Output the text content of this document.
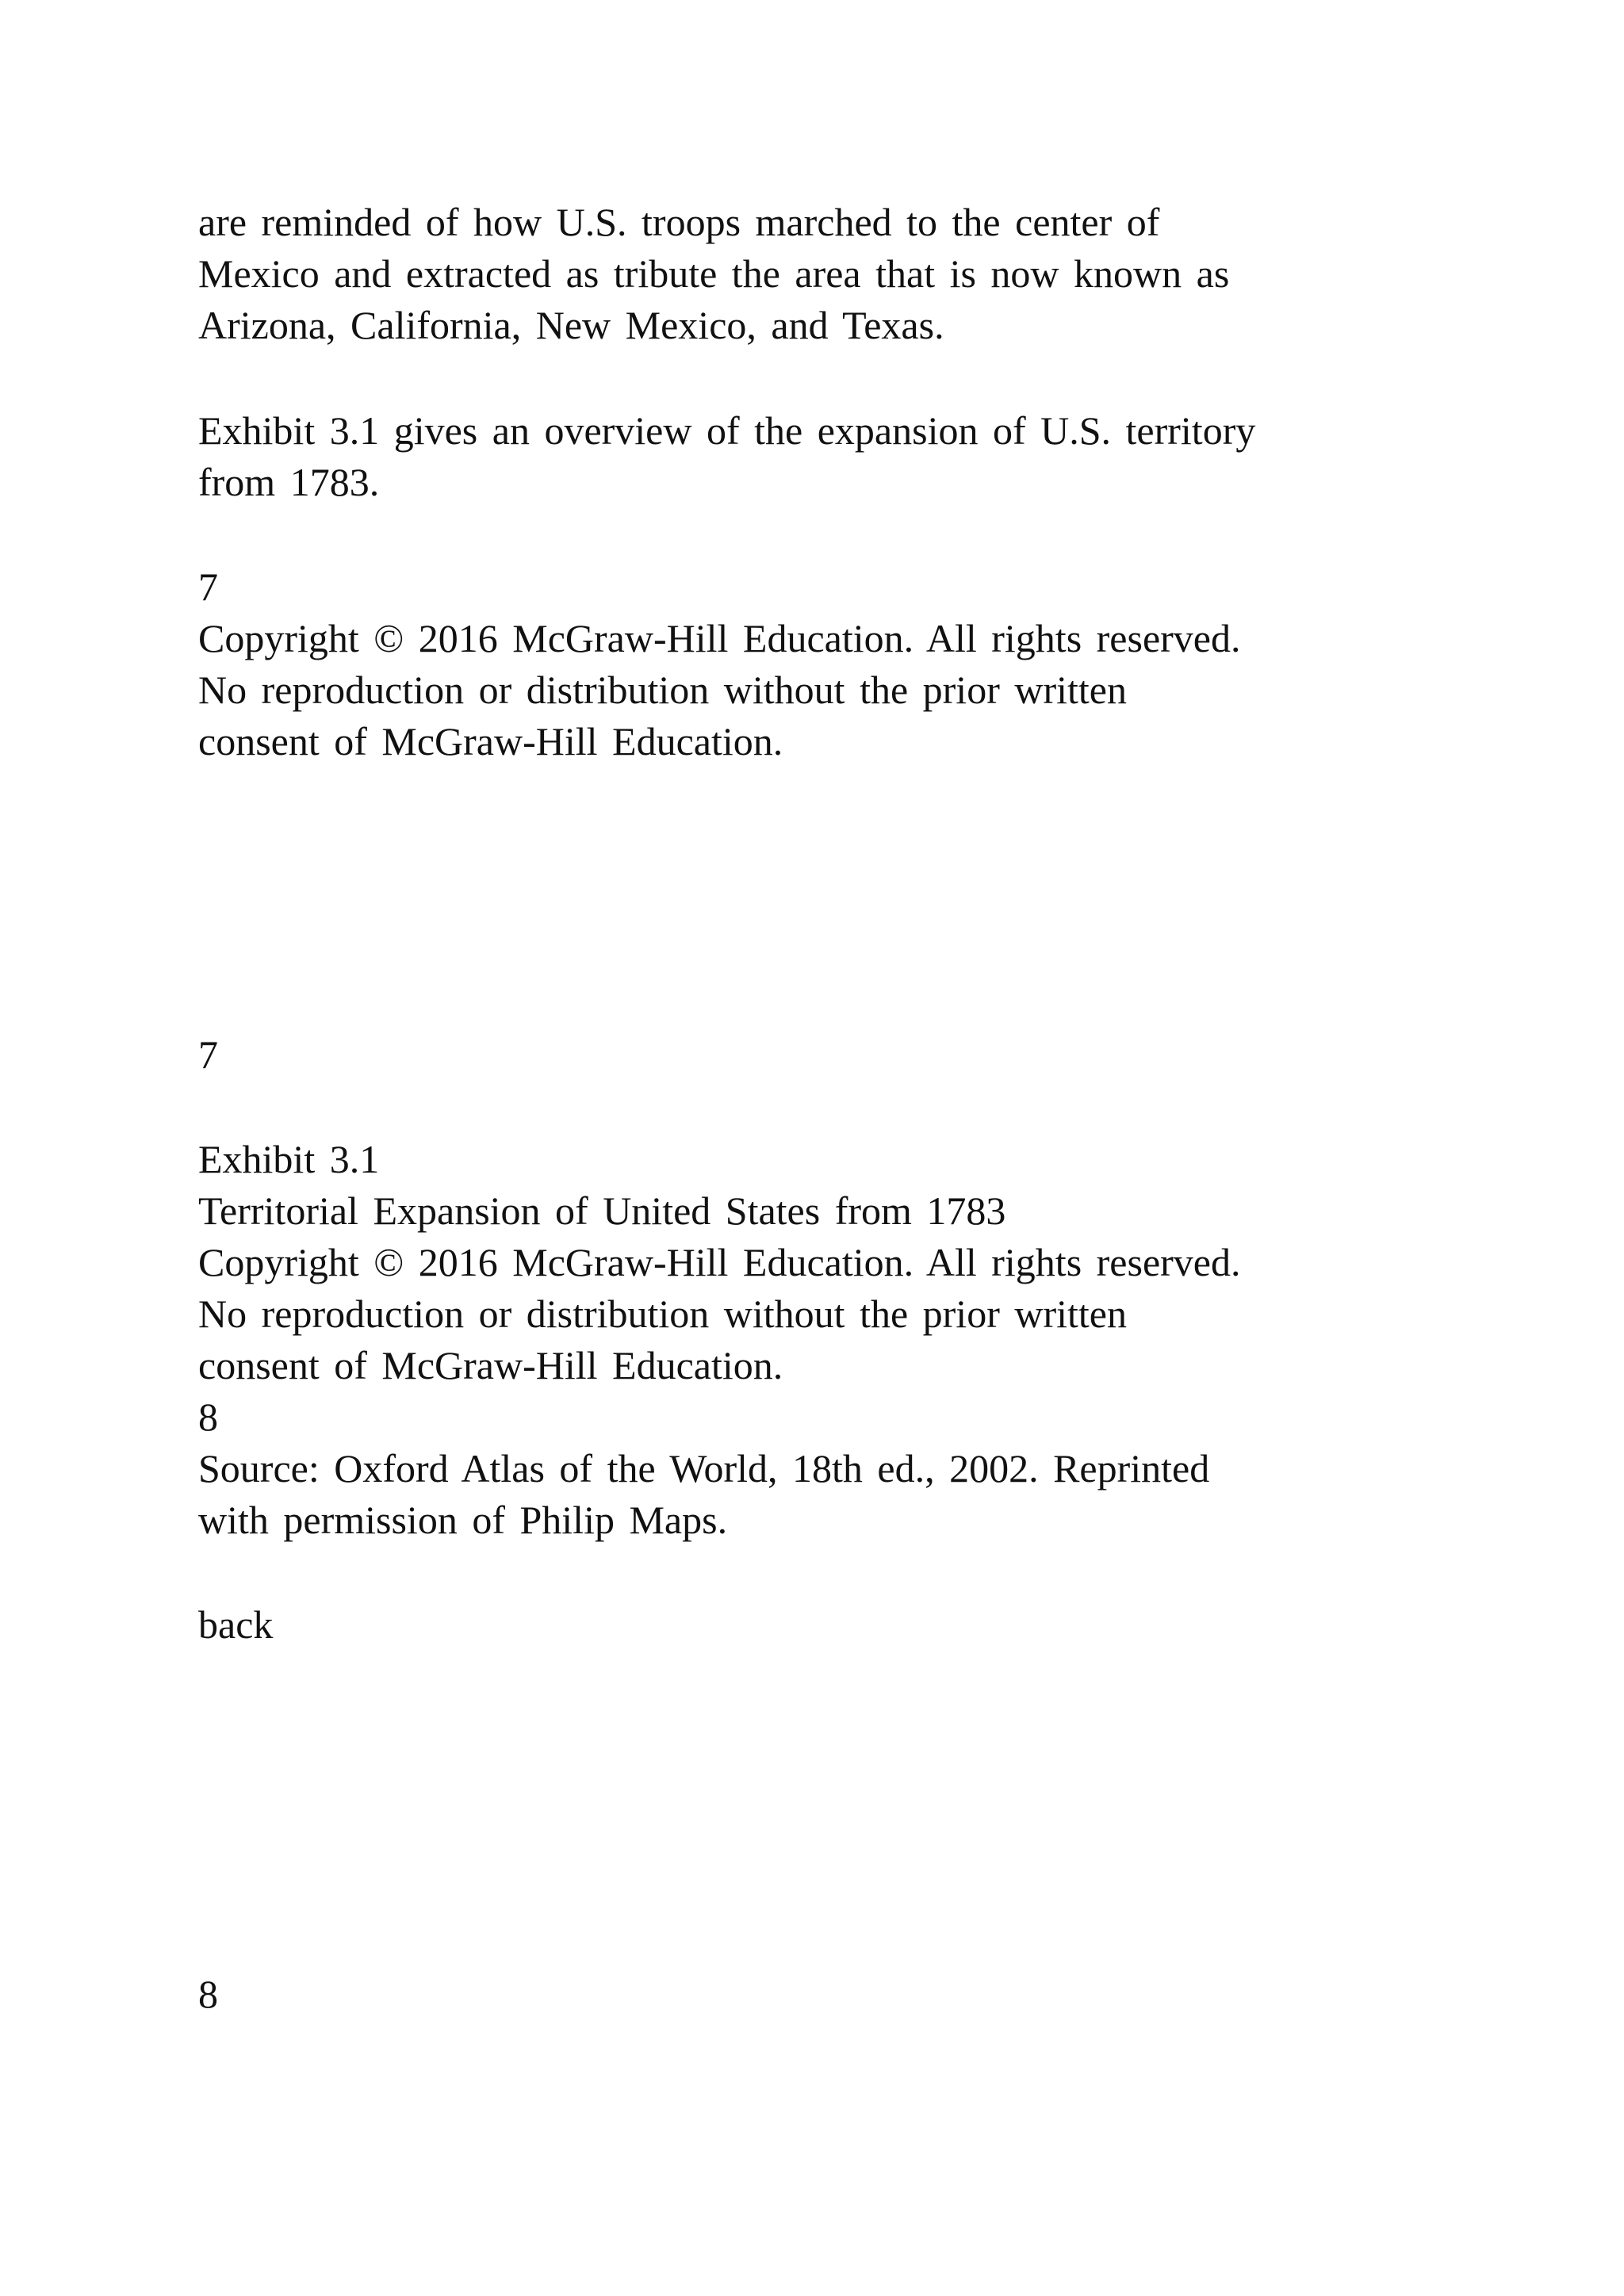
are reminded of how U.S. troops marched to the center of

Mexico and extracted as tribute the area that is now known as

Arizona, California, New Mexico, and Texas.

Exhibit 3.1 gives an overview of the expansion of U.S. territory

from 1783.

7

Copyright © 2016 McGraw-Hill Education. All rights reserved.

No reproduction or distribution without the prior written

consent of McGraw-Hill Education.

7

Exhibit 3.1

Territorial Expansion of United States from 1783

Copyright © 2016 McGraw-Hill Education. All rights reserved.

No reproduction or distribution without the prior written

consent of McGraw-Hill Education.

8

Source: Oxford Atlas of the World, 18th ed., 2002. Reprinted

with permission of Philip Maps.

back

8
